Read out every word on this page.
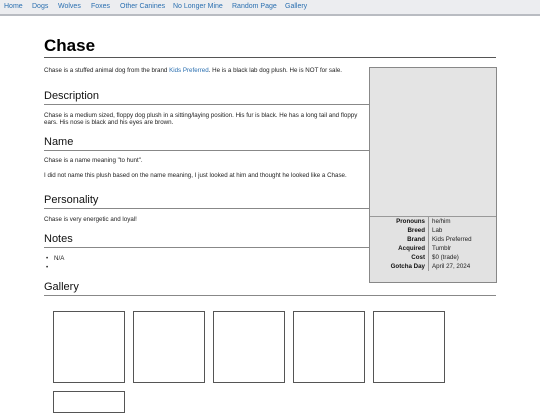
Home Dogs Wolves Foxes Other Canines No Longer Mine Random Page Gallery
Chase

Chase is a stuffed animal dog from the brand Kids Preferred. He is a black lab dog plush. He is NOT for sale.

Description

Chase is a medium sized, floppy dog plush in a sitting/laying position. His fur is black. He has a long tail and floppy ears. His nose is black and his eyes are brown.

Name

Chase is a name meaning "to hunt".

I did not name this plush based on the name meaning, I just looked at him and thought he looked like a Chase.

Personality

Chase is very energetic and loyal!

Notes
• N/A
Gallery
Pronouns	he/him
Breed	Lab
Brand	Kids Preferred
Acquired	Tumblr
Cost	$0 (trade)
Gotcha Day	April 27, 2024
